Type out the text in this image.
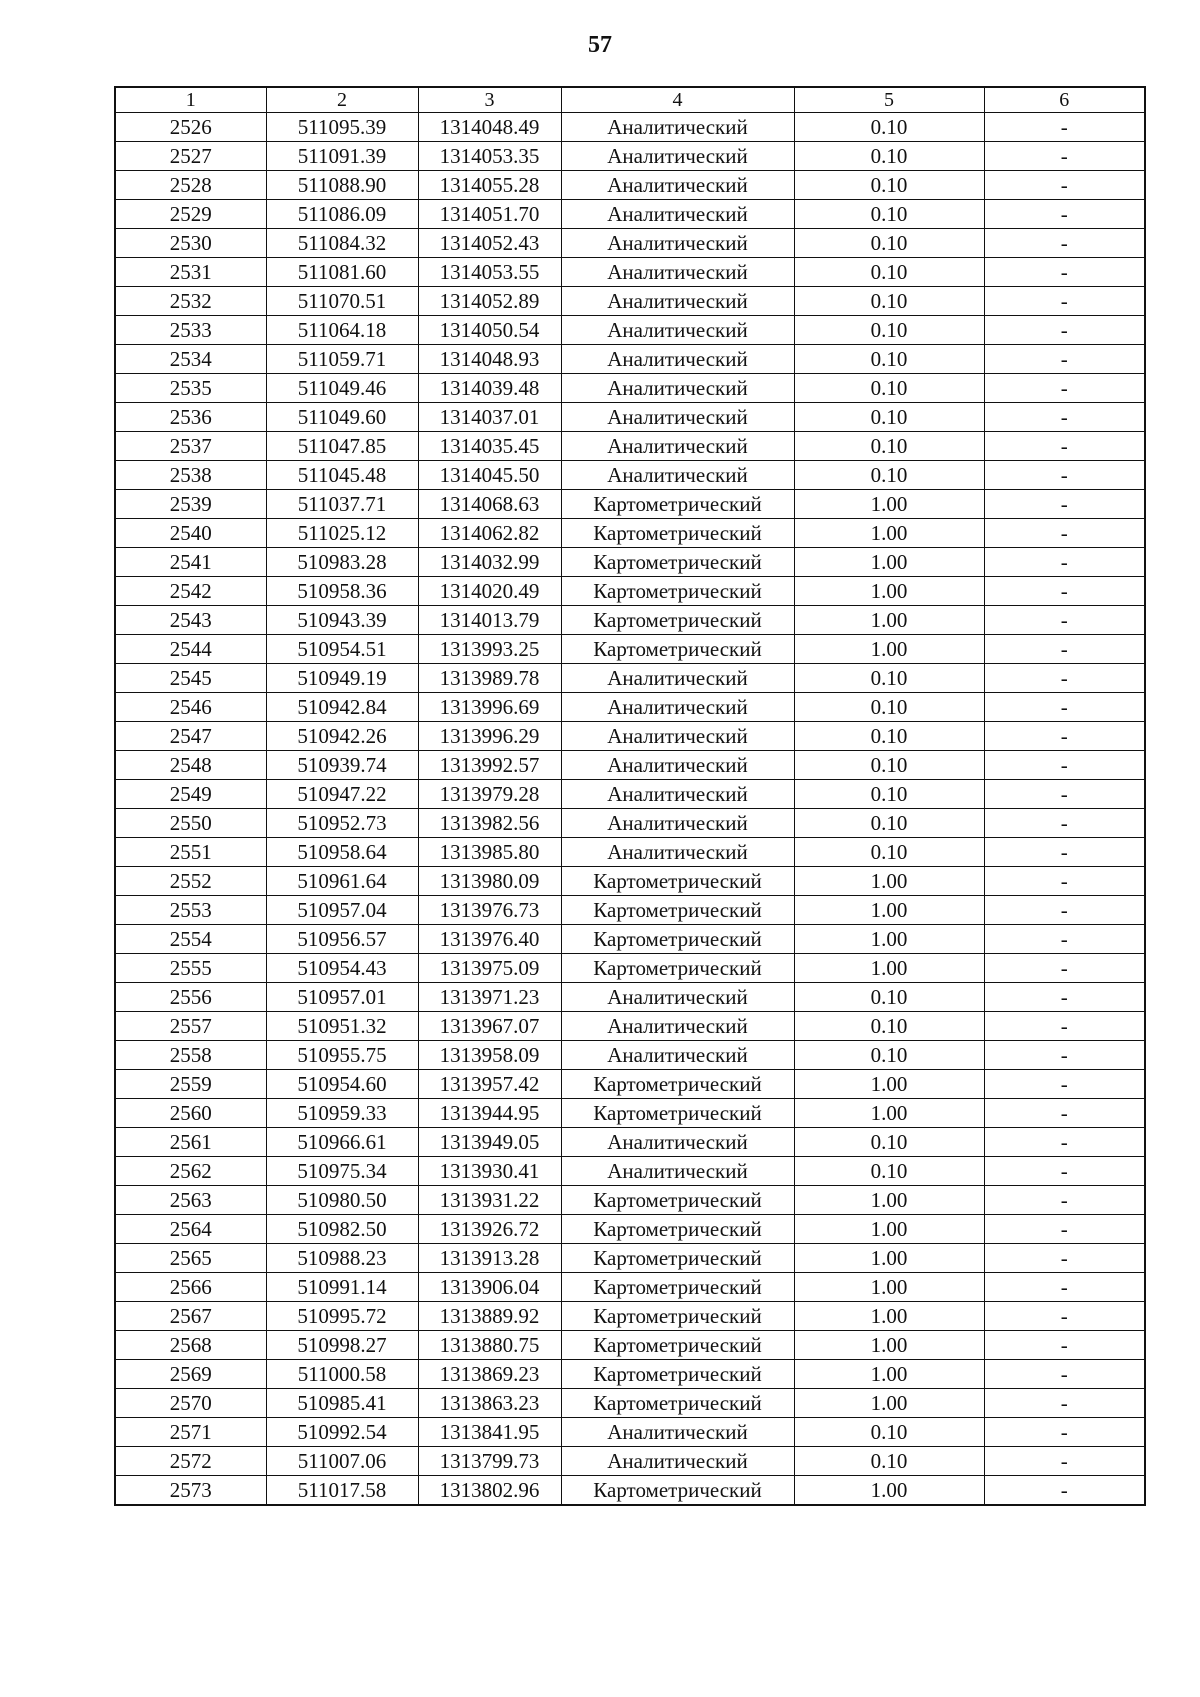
57
1	2	3	4	5	6
2526	511095.39	1314048.49	Аналитический	0.10	-
2527	511091.39	1314053.35	Аналитический	0.10	-
2528	511088.90	1314055.28	Аналитический	0.10	-
2529	511086.09	1314051.70	Аналитический	0.10	-
2530	511084.32	1314052.43	Аналитический	0.10	-
2531	511081.60	1314053.55	Аналитический	0.10	-
2532	511070.51	1314052.89	Аналитический	0.10	-
2533	511064.18	1314050.54	Аналитический	0.10	-
2534	511059.71	1314048.93	Аналитический	0.10	-
2535	511049.46	1314039.48	Аналитический	0.10	-
2536	511049.60	1314037.01	Аналитический	0.10	-
2537	511047.85	1314035.45	Аналитический	0.10	-
2538	511045.48	1314045.50	Аналитический	0.10	-
2539	511037.71	1314068.63	Картометрический	1.00	-
2540	511025.12	1314062.82	Картометрический	1.00	-
2541	510983.28	1314032.99	Картометрический	1.00	-
2542	510958.36	1314020.49	Картометрический	1.00	-
2543	510943.39	1314013.79	Картометрический	1.00	-
2544	510954.51	1313993.25	Картометрический	1.00	-
2545	510949.19	1313989.78	Аналитический	0.10	-
2546	510942.84	1313996.69	Аналитический	0.10	-
2547	510942.26	1313996.29	Аналитический	0.10	-
2548	510939.74	1313992.57	Аналитический	0.10	-
2549	510947.22	1313979.28	Аналитический	0.10	-
2550	510952.73	1313982.56	Аналитический	0.10	-
2551	510958.64	1313985.80	Аналитический	0.10	-
2552	510961.64	1313980.09	Картометрический	1.00	-
2553	510957.04	1313976.73	Картометрический	1.00	-
2554	510956.57	1313976.40	Картометрический	1.00	-
2555	510954.43	1313975.09	Картометрический	1.00	-
2556	510957.01	1313971.23	Аналитический	0.10	-
2557	510951.32	1313967.07	Аналитический	0.10	-
2558	510955.75	1313958.09	Аналитический	0.10	-
2559	510954.60	1313957.42	Картометрический	1.00	-
2560	510959.33	1313944.95	Картометрический	1.00	-
2561	510966.61	1313949.05	Аналитический	0.10	-
2562	510975.34	1313930.41	Аналитический	0.10	-
2563	510980.50	1313931.22	Картометрический	1.00	-
2564	510982.50	1313926.72	Картометрический	1.00	-
2565	510988.23	1313913.28	Картометрический	1.00	-
2566	510991.14	1313906.04	Картометрический	1.00	-
2567	510995.72	1313889.92	Картометрический	1.00	-
2568	510998.27	1313880.75	Картометрический	1.00	-
2569	511000.58	1313869.23	Картометрический	1.00	-
2570	510985.41	1313863.23	Картометрический	1.00	-
2571	510992.54	1313841.95	Аналитический	0.10	-
2572	511007.06	1313799.73	Аналитический	0.10	-
2573	511017.58	1313802.96	Картометрический	1.00	-
